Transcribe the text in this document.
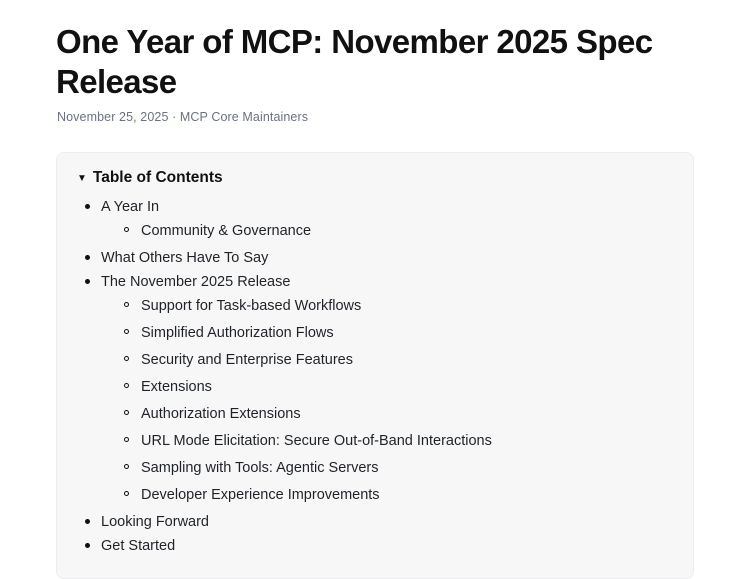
One Year of MCP: November 2025 Spec Release
November 25, 2025 · MCP Core Maintainers
▼ Table of Contents
A Year In
Community & Governance
What Others Have To Say
The November 2025 Release
Support for Task-based Workflows
Simplified Authorization Flows
Security and Enterprise Features
Extensions
Authorization Extensions
URL Mode Elicitation: Secure Out-of-Band Interactions
Sampling with Tools: Agentic Servers
Developer Experience Improvements
Looking Forward
Get Started
